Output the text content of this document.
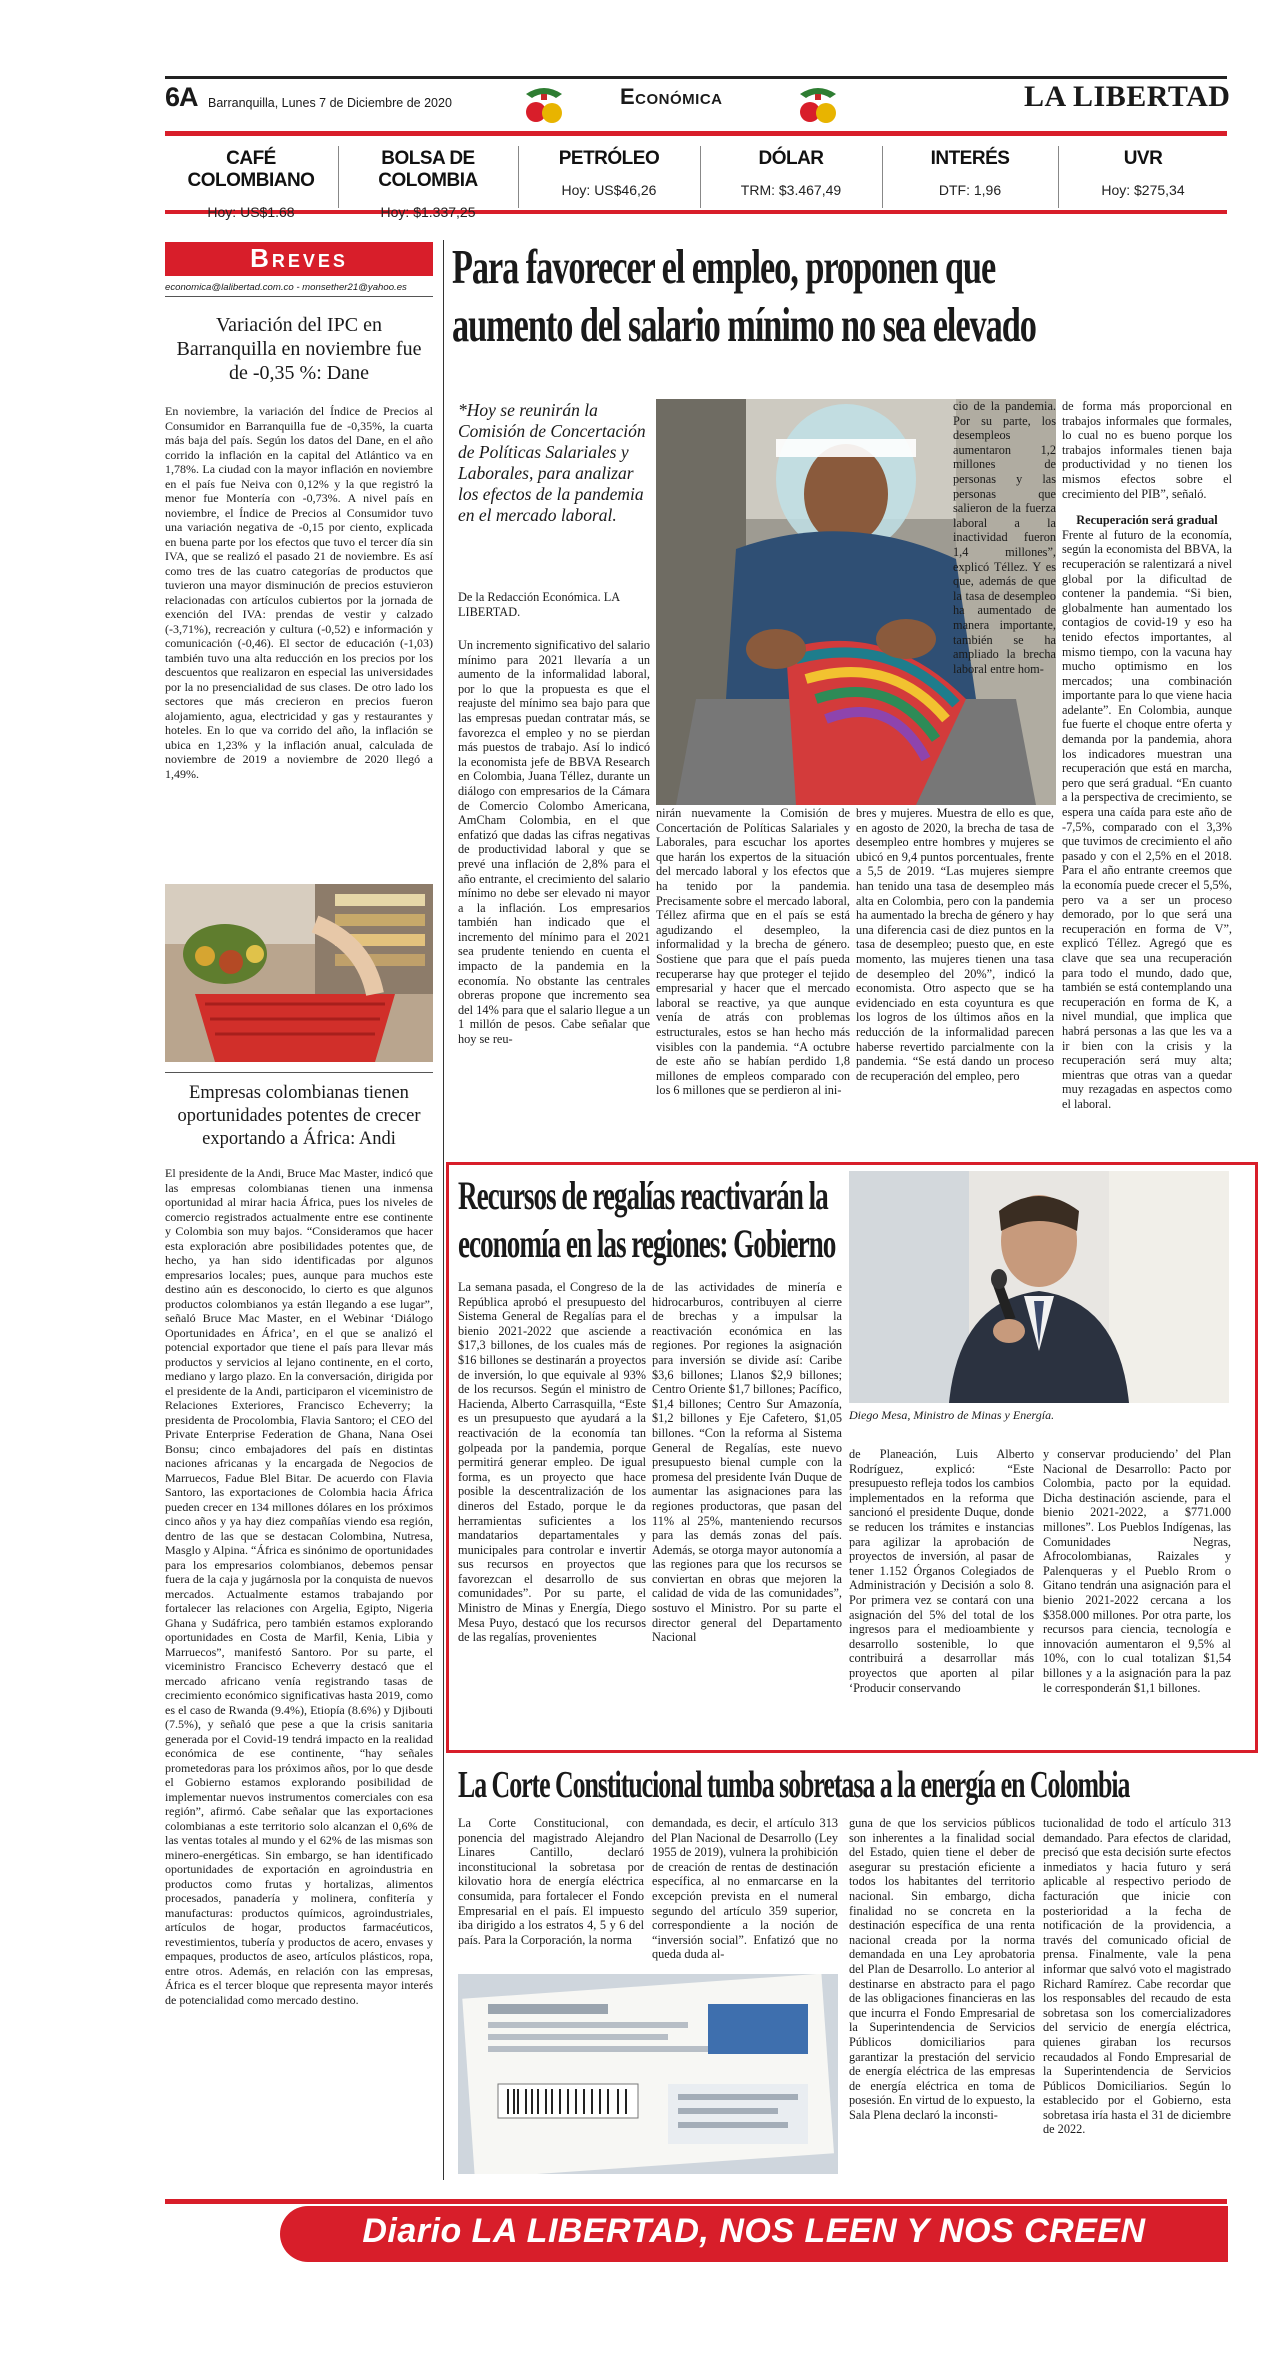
6A Barranquilla, Lunes 7 de Diciembre de 2020	Económica	LA LIBERTAD
CAFÉ COLOMBIANO
Hoy: US$1.68
BOLSA DE COLOMBIA
Hoy: $1.337,25
PETRÓLEO
Hoy: US$46,26
DÓLAR
TRM: $3.467,49
INTERÉS
DTF: 1,96
UVR
Hoy: $275,34
Breves
economica@lalibertad.com.co - monsether21@yahoo.es
Variación del IPC en Barranquilla en noviembre fue de -0,35 %: Dane
En noviembre, la variación del Índice de Precios al Consumidor en Barranquilla fue de -0,35%, la cuarta más baja del país. Según los datos del Dane, en el año corrido la inflación en la capital del Atlántico va en 1,78%. La ciudad con la mayor inflación en noviembre en el país fue Neiva con 0,12% y la que registró la menor fue Montería con -0,73%. A nivel país en noviembre, el Índice de Precios al Consumidor tuvo una variación negativa de -0,15 por ciento, explicada en buena parte por los efectos que tuvo el tercer día sin IVA, que se realizó el pasado 21 de noviembre. Es así como tres de las cuatro categorías de productos que tuvieron una mayor disminución de precios estuvieron relacionadas con artículos cubiertos por la jornada de exención del IVA: prendas de vestir y calzado (-3,71%), recreación y cultura (-0,52) e información y comunicación (-0,46). El sector de educación (-1,03) también tuvo una alta reducción en los precios por los descuentos que realizaron en especial las universidades por la no presencialidad de sus clases. De otro lado los sectores que más crecieron en precios fueron alojamiento, agua, electricidad y gas y restaurantes y hoteles. En lo que va corrido del año, la inflación se ubica en 1,23% y la inflación anual, calculada de noviembre de 2019 a noviembre de 2020 llegó a 1,49%.
Empresas colombianas tienen oportunidades potentes de crecer exportando a África: Andi
El presidente de la Andi, Bruce Mac Master, indicó que las empresas colombianas tienen una inmensa oportunidad al mirar hacia África, pues los niveles de comercio registrados actualmente entre ese continente y Colombia son muy bajos. “Consideramos que hacer esta exploración abre posibilidades potentes que, de hecho, ya han sido identificadas por algunos empresarios locales; pues, aunque para muchos este destino aún es desconocido, lo cierto es que algunos productos colombianos ya están llegando a ese lugar”, señaló Bruce Mac Master, en el Webinar ‘Diálogo Oportunidades en África’, en el que se analizó el potencial exportador que tiene el país para llevar más productos y servicios al lejano continente, en el corto, mediano y largo plazo. En la conversación, dirigida por el presidente de la Andi, participaron el viceministro de Relaciones Exteriores, Francisco Echeverry; la presidenta de Procolombia, Flavia Santoro; el CEO del Private Enterprise Federation de Ghana, Nana Osei Bonsu; cinco embajadores del país en distintas naciones africanas y la encargada de Negocios de Marruecos, Fadue Blel Bitar. De acuerdo con Flavia Santoro, las exportaciones de Colombia hacia África pueden crecer en 134 millones dólares en los próximos cinco años y ya hay diez compañías viendo esa región, dentro de las que se destacan Colombina, Nutresa, Masglo y Alpina. “África es sinónimo de oportunidades para los empresarios colombianos, debemos pensar fuera de la caja y jugárnosla por la conquista de nuevos mercados. Actualmente estamos trabajando por fortalecer las relaciones con Argelia, Egipto, Nigeria Ghana y Sudáfrica, pero también estamos explorando oportunidades en Costa de Marfil, Kenia, Libia y Marruecos”, manifestó Santoro. Por su parte, el viceministro Francisco Echeverry destacó que el mercado africano venía registrando tasas de crecimiento económico significativas hasta 2019, como es el caso de Rwanda (9.4%), Etiopía (8.6%) y Djibouti (7.5%), y señaló que pese a que la crisis sanitaria generada por el Covid-19 tendrá impacto en la realidad económica de ese continente, “hay señales prometedoras para los próximos años, por lo que desde el Gobierno estamos explorando posibilidad de implementar nuevos instrumentos comerciales con esa región”, afirmó. Cabe señalar que las exportaciones colombianas a este territorio solo alcanzan el 0,6% de las ventas totales al mundo y el 62% de las mismas son minero-energéticas. Sin embargo, se han identificado oportunidades de exportación en agroindustria en productos como frutas y hortalizas, alimentos procesados, panadería y molinera, confitería y manufacturas: productos químicos, agroindustriales, artículos de hogar, productos farmacéuticos, revestimientos, tubería y productos de acero, envases y empaques, productos de aseo, artículos plásticos, ropa, entre otros. Además, en relación con las empresas, África es el tercer bloque que representa mayor interés de potencialidad como mercado destino.
Para favorecer el empleo, proponen que
aumento del salario mínimo no sea elevado
*Hoy se reunirán la Comisión de Concertación de Políticas Salariales y Laborales, para analizar los efectos de la pandemia en el mercado laboral.
De la Redacción Económica. LA LIBERTAD.
Un incremento significativo del salario mínimo para 2021 llevaría a un aumento de la informalidad laboral, por lo que la propuesta es que el reajuste del mínimo sea bajo para que las empresas puedan contratar más, se favorezca el empleo y no se pierdan más puestos de trabajo. Así lo indicó la economista jefe de BBVA Research en Colombia, Juana Téllez, durante un diálogo con empresarios de la Cámara de Comercio Colombo Americana, AmCham Colombia, en el que enfatizó que dadas las cifras negativas de productividad laboral y que se prevé una inflación de 2,8% para el año entrante, el crecimiento del salario mínimo no debe ser elevado ni mayor a la inflación. Los empresarios también han indicado que el incremento del mínimo para el 2021 sea prudente teniendo en cuenta el impacto de la pandemia en la economía. No obstante las centrales obreras propone que incremento sea del 14% para que el salario llegue a un 1 millón de pesos. Cabe señalar que hoy se reu-
nirán nuevamente la Comisión de Concertación de Políticas Salariales y Laborales, para escuchar los aportes que harán los expertos de la situación del mercado laboral y los efectos que ha tenido por la pandemia. Precisamente sobre el mercado laboral, Téllez afirma que en el país se está agudizando el desempleo, la informalidad y la brecha de género. Sostiene que para que el país pueda recuperarse hay que proteger el tejido empresarial y hacer que el mercado laboral se reactive, ya que aunque venía de atrás con problemas estructurales, estos se han hecho más visibles con la pandemia. “A octubre de este año se habían perdido 1,8 millones de empleos comparado con los 6 millones que se perdieron al ini-
cio de la pandemia. Por su parte, los desempleos aumentaron 1,2 millones de personas y las personas que salieron de la fuerza laboral a la inactividad fueron 1,4 millones”, explicó Téllez. Y es que, además de que la tasa de desempleo ha aumentado de manera importante, también se ha ampliado la brecha laboral entre hom-
bres y mujeres. Muestra de ello es que, en agosto de 2020, la brecha de tasa de desempleo entre hombres y mujeres se ubicó en 9,4 puntos porcentuales, frente a 5,5 de 2019. “Las mujeres siempre han tenido una tasa de desempleo más alta en Colombia, pero con la pandemia ha aumentado la brecha de género y hay una diferencia casi de diez puntos en la tasa de desempleo; puesto que, en este momento, las mujeres tienen una tasa de desempleo del 20%”, indicó la economista. Otro aspecto que se ha evidenciado en esta coyuntura es que los logros de los últimos años en la reducción de la informalidad parecen haberse revertido parcialmente con la pandemia. “Se está dando un proceso de recuperación del empleo, pero

de forma más proporcional en trabajos informales que formales, lo cual no es bueno porque los trabajos informales tienen baja productividad y no tienen los mismos efectos sobre el crecimiento del PIB”, señaló.

Recuperación será gradual

Frente al futuro de la economía, según la economista del BBVA, la recuperación se ralentizará a nivel global por la dificultad de contener la pandemia. “Si bien, globalmente han aumentado los contagios de covid-19 y eso ha tenido efectos importantes, al mismo tiempo, con la vacuna hay mucho optimismo en los mercados; una combinación importante para lo que viene hacia adelante”. En Colombia, aunque fue fuerte el choque entre oferta y demanda por la pandemia, ahora los indicadores muestran una recuperación que está en marcha, pero que será gradual. “En cuanto a la perspectiva de crecimiento, se espera una caída para este año de -7,5%, comparado con el 3,3% que tuvimos de crecimiento el año pasado y con el 2,5% en el 2018. Para el año entrante creemos que la economía puede crecer el 5,5%, pero va a ser un proceso demorado, por lo que será una recuperación en forma de V”, explicó Téllez. Agregó que es clave que sea una recuperación para todo el mundo, dado que, también se está contemplando una recuperación en forma de K, a nivel mundial, que implica que habrá personas a las que les va a ir bien con la crisis y la recuperación será muy alta; mientras que otras van a quedar muy rezagadas en aspectos como el laboral.

Recursos de regalías reactivarán la
economía en las regiones: Gobierno
Diego Mesa, Ministro de Minas y Energía.
La semana pasada, el Congreso de la República aprobó el presupuesto del Sistema General de Regalías para el bienio 2021-2022 que asciende a $17,3 billones, de los cuales más de $16 billones se destinarán a proyectos de inversión, lo que equivale al 93% de los recursos. Según el ministro de Hacienda, Alberto Carrasquilla, “Este es un presupuesto que ayudará a la reactivación de la economía tan golpeada por la pandemia, porque permitirá generar empleo. De igual forma, es un proyecto que hace posible la descentralización de los dineros del Estado, porque le da herramientas suficientes a los mandatarios departamentales y municipales para controlar e invertir sus recursos en proyectos que favorezcan el desarrollo de sus comunidades”. Por su parte, el Ministro de Minas y Energía, Diego Mesa Puyo, destacó que los recursos de las regalías, provenientes
de las actividades de minería e hidrocarburos, contribuyen al cierre de brechas y a impulsar la reactivación económica en las regiones. Por regiones la asignación para inversión se divide así: Caribe $3,6 billones; Llanos $2,9 billones; Centro Oriente $1,7 billones; Pacífico, $1,4 billones; Centro Sur Amazonía, $1,2 billones y Eje Cafetero, $1,05 billones. “Con la reforma al Sistema General de Regalías, este nuevo presupuesto bienal cumple con la promesa del presidente Iván Duque de aumentar las asignaciones para las regiones productoras, que pasan del 11% al 25%, manteniendo recursos para las demás zonas del país. Además, se otorga mayor autonomía a las regiones para que los recursos se conviertan en obras que mejoren la calidad de vida de las comunidades”, sostuvo el Ministro. Por su parte el director general del Departamento Nacional
de Planeación, Luis Alberto Rodríguez, explicó: “Este presupuesto refleja todos los cambios implementados en la reforma que sancionó el presidente Duque, donde se reducen los trámites e instancias para agilizar la aprobación de proyectos de inversión, al pasar de tener 1.152 Órganos Colegiados de Administración y Decisión a solo 8. Por primera vez se contará con una asignación del 5% del total de los ingresos para el medioambiente y desarrollo sostenible, lo que contribuirá a desarrollar más proyectos que aporten al pilar ‘Producir conservando
y conservar produciendo’ del Plan Nacional de Desarrollo: Pacto por Colombia, pacto por la equidad. Dicha destinación asciende, para el bienio 2021-2022, a $771.000 millones”. Los Pueblos Indígenas, las Comunidades Negras, Afrocolombianas, Raizales y Palenqueras y el Pueblo Rrom o Gitano tendrán una asignación para el bienio 2021-2022 cercana a los $358.000 millones. Por otra parte, los recursos para ciencia, tecnología e innovación aumentaron el 9,5% al 10%, con lo cual totalizan $1,54 billones y a la asignación para la paz le corresponderán $1,1 billones.
La Corte Constitucional tumba sobretasa a la energía en Colombia
La Corte Constitucional, con ponencia del magistrado Alejandro Linares Cantillo, declaró inconstitucional la sobretasa por kilovatio hora de energía eléctrica consumida, para fortalecer el Fondo Empresarial en el país. El impuesto iba dirigido a los estratos 4, 5 y 6 del país. Para la Corporación, la norma
demandada, es decir, el artículo 313 del Plan Nacional de Desarrollo (Ley 1955 de 2019), vulnera la prohibición de creación de rentas de destinación específica, al no enmarcarse en la excepción prevista en el numeral segundo del artículo 359 superior, correspondiente a la noción de “inversión social”. Enfatizó que no queda duda al-
guna de que los servicios públicos son inherentes a la finalidad social del Estado, quien tiene el deber de asegurar su prestación eficiente a todos los habitantes del territorio nacional. Sin embargo, dicha finalidad no se concreta en la destinación específica de una renta nacional creada por la norma demandada en una Ley aprobatoria del Plan de Desarrollo. Lo anterior al destinarse en abstracto para el pago de las obligaciones financieras en las que incurra el Fondo Empresarial de la Superintendencia de Servicios Públicos domiciliarios para garantizar la prestación del servicio de energía eléctrica de las empresas de energía eléctrica en toma de posesión. En virtud de lo expuesto, la Sala Plena declaró la inconsti-
tucionalidad de todo el artículo 313 demandado. Para efectos de claridad, precisó que esta decisión surte efectos inmediatos y hacia futuro y será aplicable al respectivo periodo de facturación que inicie con posterioridad a la fecha de notificación de la providencia, a través del comunicado oficial de prensa. Finalmente, vale la pena informar que salvó voto el magistrado Richard Ramírez. Cabe recordar que los responsables del recaudo de esta sobretasa son los comercializadores del servicio de energía eléctrica, quienes giraban los recursos recaudados al Fondo Empresarial de la Superintendencia de Servicios Públicos Domiciliarios. Según lo establecido por el Gobierno, esta sobretasa iría hasta el 31 de diciembre de 2022.
Diario LA LIBERTAD, NOS LEEN Y NOS CREEN
